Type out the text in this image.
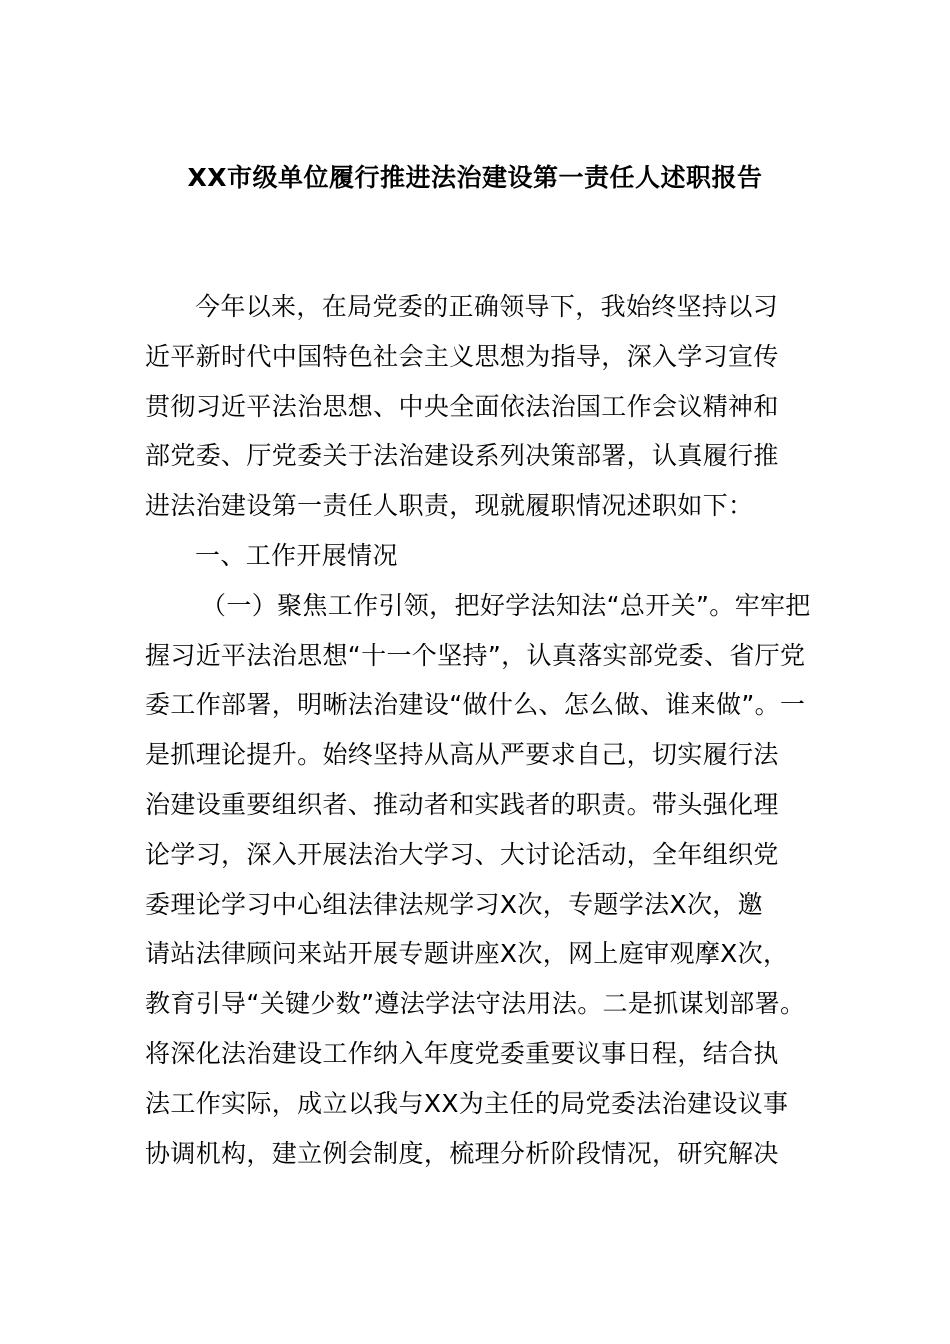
XX市级单位履行推进法治建设第一责任人述职报告
今年以来，在局党委的正确领导下，我始终坚持以习
近平新时代中国特色社会主义思想为指导，深入学习宣传
贯彻习近平法治思想、中央全面依法治国工作会议精神和
部党委、厅党委关于法治建设系列决策部署，认真履行推
进法治建设第一责任人职责，现就履职情况述职如下：
一、工作开展情况
（一）聚焦工作引领，把好学法知法“总开关”。牢牢把
握习近平法治思想“十一个坚持”，认真落实部党委、省厅党
委工作部署，明晰法治建设“做什么、怎么做、谁来做”。一
是抓理论提升。始终坚持从高从严要求自己，切实履行法
治建设重要组织者、推动者和实践者的职责。带头强化理
论学习，深入开展法治大学习、大讨论活动，全年组织党
委理论学习中心组法律法规学习X次，专题学法X次，邀
请站法律顾问来站开展专题讲座X次，网上庭审观摩X次，
教育引导“关键少数”遵法学法守法用法。二是抓谋划部署。
将深化法治建设工作纳入年度党委重要议事日程，结合执
法工作实际，成立以我与XX为主任的局党委法治建设议事
协调机构，建立例会制度，梳理分析阶段情况，研究解决
